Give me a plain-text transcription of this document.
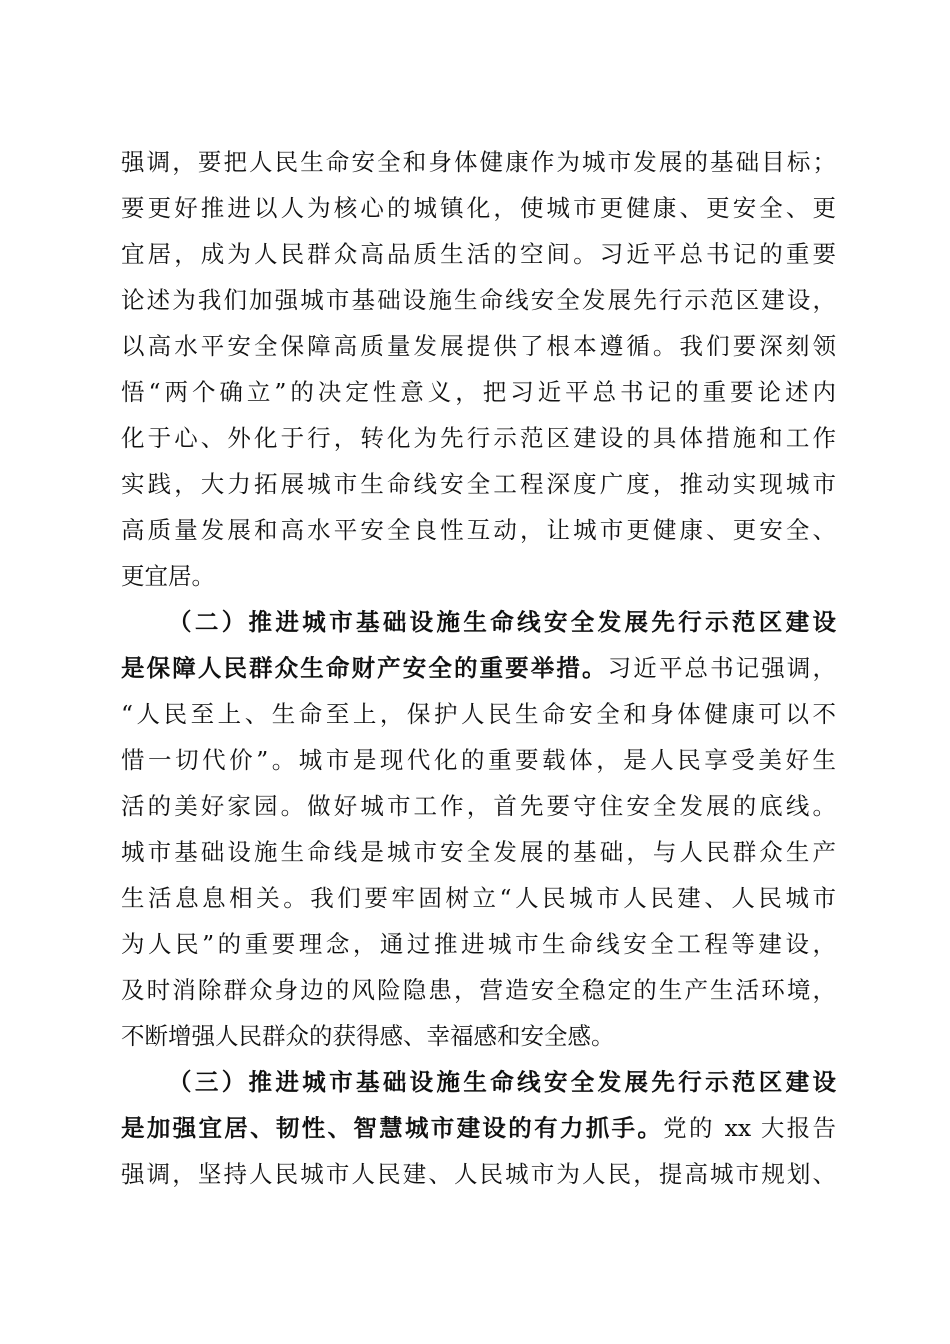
强调，要把人民生命安全和身体健康作为城市发展的基础目标；
要更好推进以人为核心的城镇化，使城市更健康、更安全、更
宜居，成为人民群众高品质生活的空间。习近平总书记的重要
论述为我们加强城市基础设施生命线安全发展先行示范区建设，
以高水平安全保障高质量发展提供了根本遵循。我们要深刻领
悟“两个确立”的决定性意义，把习近平总书记的重要论述内
化于心、外化于行，转化为先行示范区建设的具体措施和工作
实践，大力拓展城市生命线安全工程深度广度，推动实现城市
高质量发展和高水平安全良性互动，让城市更健康、更安全、
更宜居。
（二）推进城市基础设施生命线安全发展先行示范区建设
是保障人民群众生命财产安全的重要举措。习近平总书记强调，
“人民至上、生命至上，保护人民生命安全和身体健康可以不
惜一切代价”。城市是现代化的重要载体，是人民享受美好生
活的美好家园。做好城市工作，首先要守住安全发展的底线。
城市基础设施生命线是城市安全发展的基础，与人民群众生产
生活息息相关。我们要牢固树立“人民城市人民建、人民城市
为人民”的重要理念，通过推进城市生命线安全工程等建设，
及时消除群众身边的风险隐患，营造安全稳定的生产生活环境，
不断增强人民群众的获得感、幸福感和安全感。
（三）推进城市基础设施生命线安全发展先行示范区建设
是加强宜居、韧性、智慧城市建设的有力抓手。党的 xx 大报告
强调，坚持人民城市人民建、人民城市为人民，提高城市规划、
